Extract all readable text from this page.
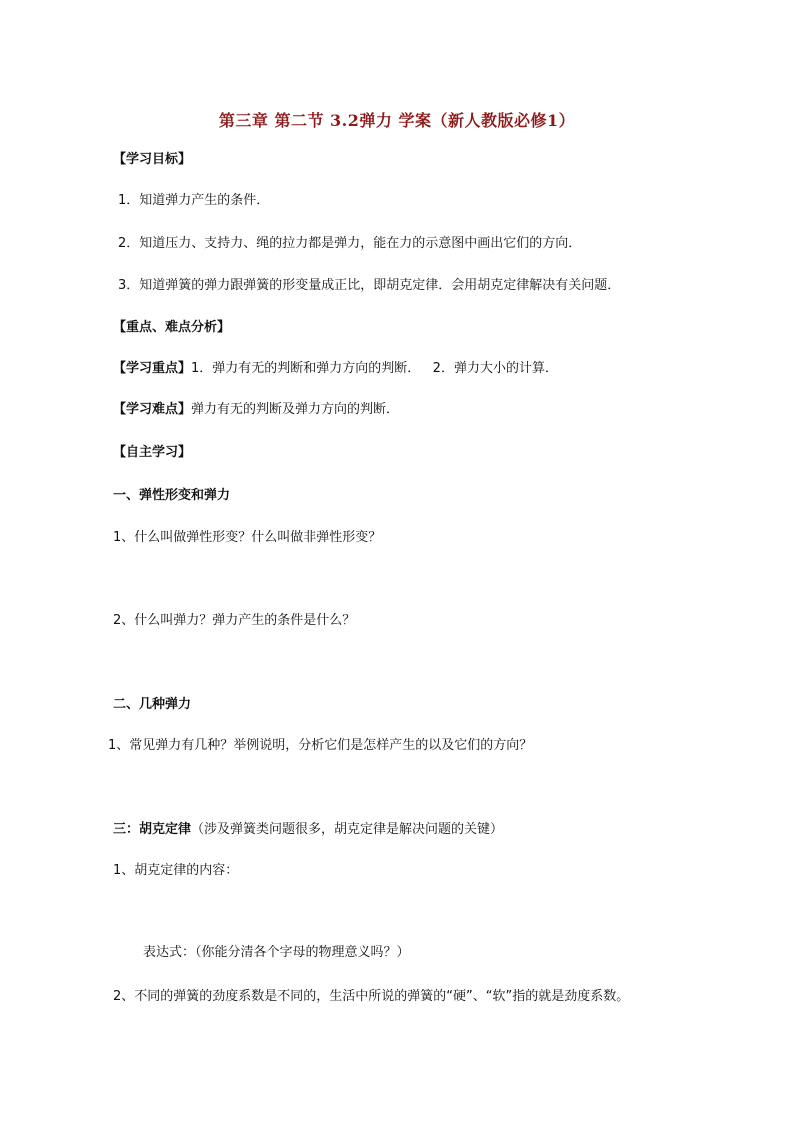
第三章 第二节 3.2弹力 学案（新人教版必修1）
【学习目标】
1．知道弹力产生的条件．
2．知道压力、支持力、绳的拉力都是弹力，能在力的示意图中画出它们的方向．
3．知道弹簧的弹力跟弹簧的形变量成正比，即胡克定律．会用胡克定律解决有关问题．
【重点、难点分析】
【学习重点】1．弹力有无的判断和弹力方向的判断．   2．弹力大小的计算．
【学习难点】弹力有无的判断及弹力方向的判断．
【自主学习】
一、弹性形变和弹力
1、什么叫做弹性形变？什么叫做非弹性形变？
2、什么叫弹力？弹力产生的条件是什么？
二、几种弹力
1、常见弹力有几种？举例说明，分析它们是怎样产生的以及它们的方向？
三：胡克定律（涉及弹簧类问题很多，胡克定律是解决问题的关键）
1、胡克定律的内容：
表达式：（你能分清各个字母的物理意义吗？）
2、不同的弹簧的劲度系数是不同的，生活中所说的弹簧的“硬”、“软”指的就是劲度系数。
